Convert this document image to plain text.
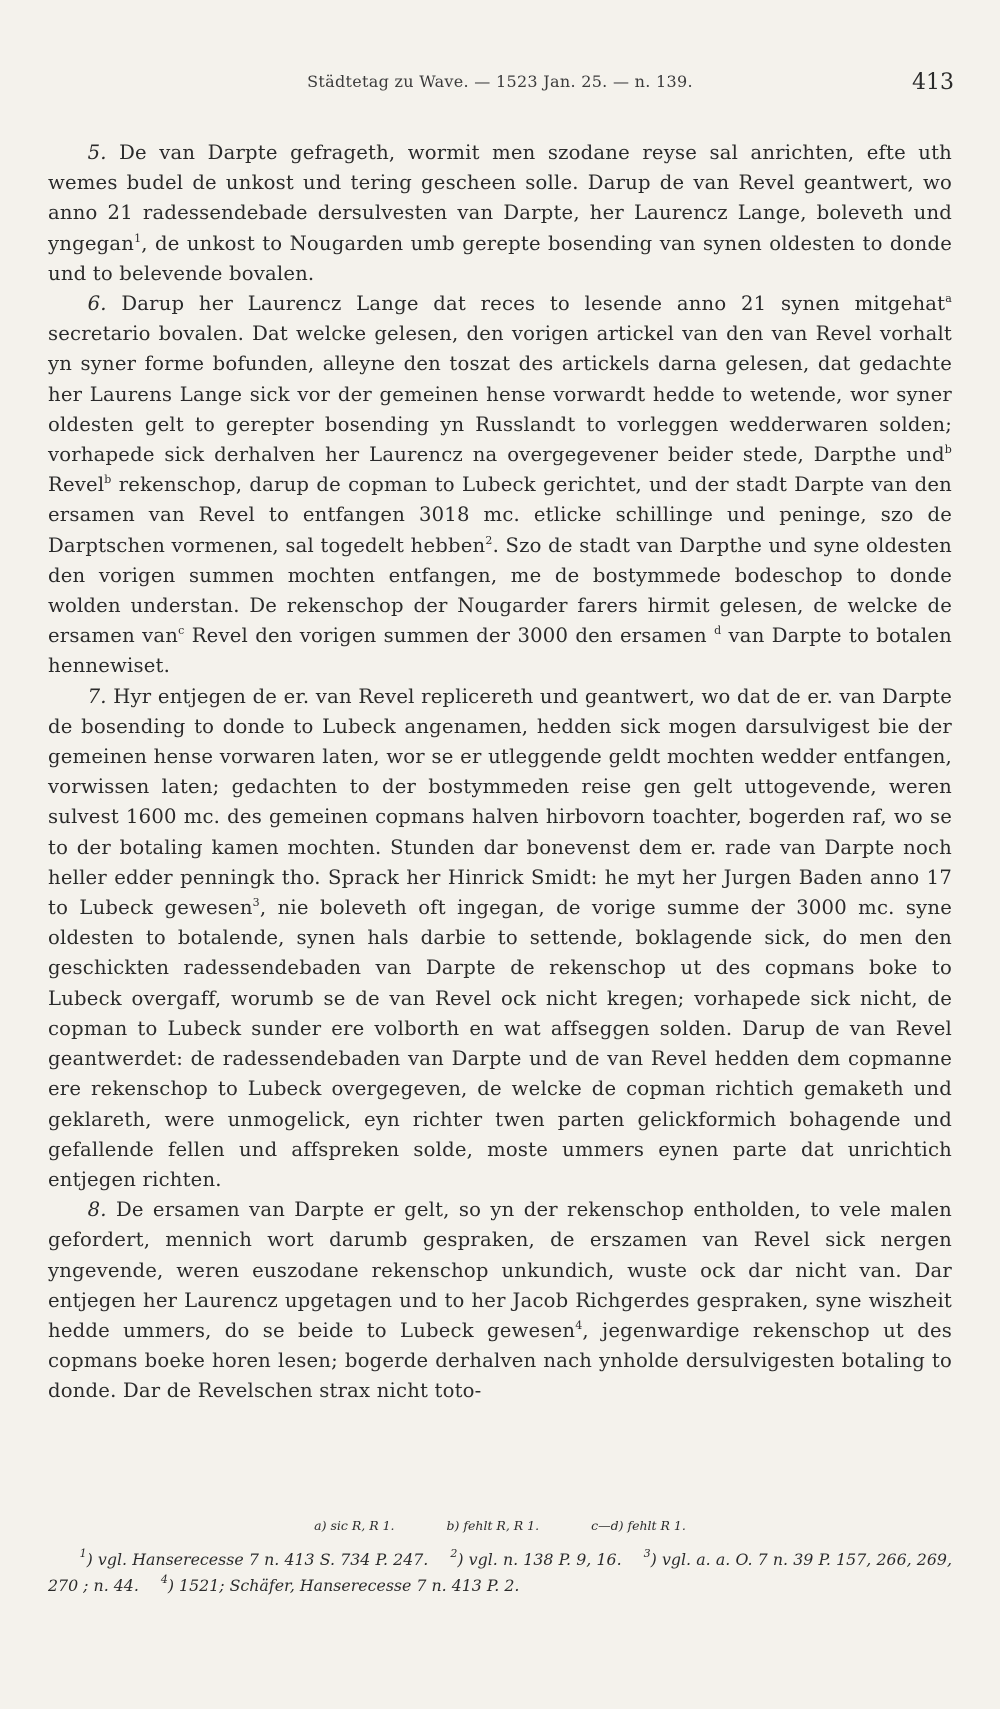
Städtetag zu Wave. — 1523 Jan. 25. — n. 139.	413

  5. De van Darpte gefrageth, wormit men szodane reyse sal anrichten, efte uth wemes budel de unkost und tering gescheen solle. Darup de van Revel geantwert, wo anno 21 radessendebade dersulvesten van Darpte, her Laurencz Lange, boleveth und yngegan$^1$, de unkost to Nougarden umb gerepte bosending van synen oldesten to donde und to belevende bovalen.

  6. Darup her Laurencz Lange dat reces to lesende anno 21 synen mitgehat$^a$ secretario bovalen. Dat welcke gelesen, den vorigen artickel van den van Revel vorhalt yn syner forme bofunden, alleyne den toszat des artickels darna gelesen, dat gedachte her Laurens Lange sick vor der gemeinen hense vorwardt hedde to wetende, wor syner oldesten gelt to gerepter bosending yn Russlandt to vorleggen wedderwaren solden; vorhapede sick derhalven her Laurencz na overgegevener beider stede, Darpthe und$^b$ Revel$^b$ rekenschop, darup de copman to Lubeck gerichtet, und der stadt Darpte van den ersamen van Revel to entfangen 3018 mc. etlicke schillinge und peninge, szo de Darptschen vormenen, sal togedelt hebben$^2$. Szo de stadt van Darpthe und syne oldesten den vorigen summen mochten entfangen, me de bostymmede bodeschop to donde wolden understan. De rekenschop der Nougarder farers hirmit gelesen, de welcke de ersamen van$^c$ Revel den vorigen summen der 3000 den ersamen $^d$ van Darpte to botalen hennewiset.

  7. Hyr entjegen de er. van Revel replicereth und geantwert, wo dat de er. van Darpte de bosending to donde to Lubeck angenamen, hedden sick mogen darsulvigest bie der gemeinen hense vorwaren laten, wor se er utleggende geldt mochten wedder entfangen, vorwissen laten; gedachten to der bostymmeden reise gen gelt uttogevende, weren sulvest 1600 mc. des gemeinen copmans halven hirbovorn toachter, bogerden raf, wo se to der botaling kamen mochten. Stunden dar bonevenst dem er. rade van Darpte noch heller edder penningk tho. Sprack her Hinrick Smidt: he myt her Jurgen Baden anno 17 to Lubeck gewesen$^3$, nie boleveth oft ingegan, de vorige summe der 3000 mc. syne oldesten to botalende, synen hals darbie to settende, boklagende sick, do men den geschickten radessendebaden van Darpte de rekenschop ut des copmans boke to Lubeck overgaff, worumb se de van Revel ock nicht kregen; vorhapede sick nicht, de copman to Lubeck sunder ere volborth en wat affseggen solden. Darup de van Revel geantwerdet: de radessendebaden van Darpte und de van Revel hedden dem copmanne ere rekenschop to Lubeck overgegeven, de welcke de copman richtich gemaketh und geklareth, were unmogelick, eyn richter twen parten gelickformich bohagende und gefallende fellen und affspreken solde, moste ummers eynen parte dat unrichtich entjegen richten.

  8. De ersamen van Darpte er gelt, so yn der rekenschop entholden, to vele malen gefordert, mennich wort darumb gespraken, de erszamen van Revel sick nergen yngevende, weren euszodane rekenschop unkundich, wuste ock dar nicht van. Dar entjegen her Laurencz upgetagen und to her Jacob Richgerdes gespraken, syne wiszheit hedde ummers, do se beide to Lubeck gewesen$^4$, jegenwardige rekenschop ut des copmans boeke horen lesen; bogerde derhalven nach ynholde dersulvigesten botaling to donde. Dar de Revelschen strax nicht toto-

a) sic R, R 1.	b) fehlt R, R 1.	c—d) fehlt R 1.
  $^1$) vgl. Hanserecesse 7 n. 413 S. 734 P. 247. $^2$) vgl. n. 138 P. 9, 16. $^3$) vgl. a. a. O. 7 n. 39 P. 157, 266, 269, 270 ; n. 44. $^4$) 1521; Schäfer, Hanserecesse 7 n. 413 P. 2.
